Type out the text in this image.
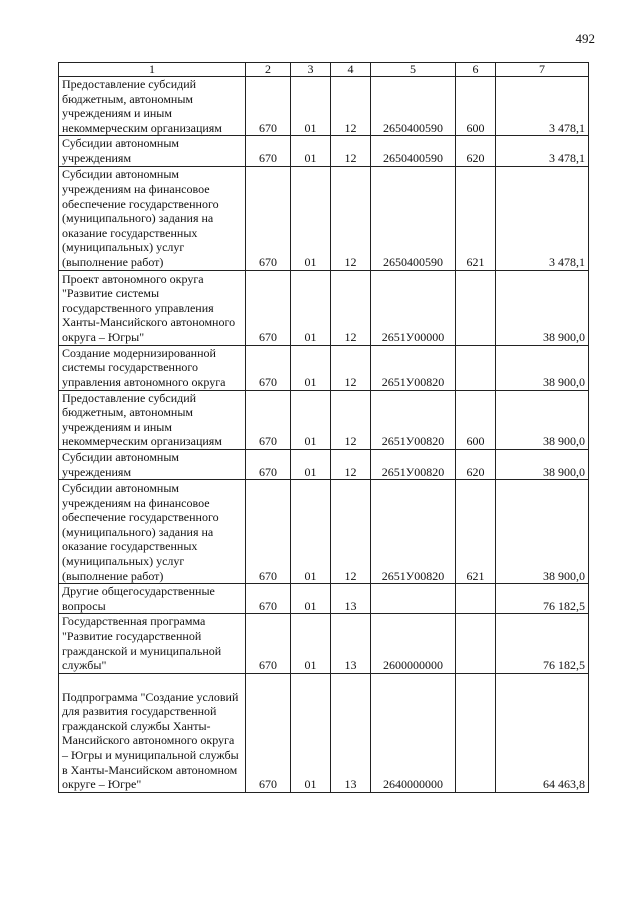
492
1	2	3	4	5	6	7
Предоставление субсидий бюджетным, автономным учреждениям и иным некоммерческим организациям	670	01	12	2650400590	600	3 478,1
Субсидии автономным учреждениям	670	01	12	2650400590	620	3 478,1
Субсидии автономным учреждениям на финансовое обеспечение государственного (муниципального) задания на оказание государственных (муниципальных) услуг (выполнение работ)	670	01	12	2650400590	621	3 478,1
Проект автономного округа "Развитие системы государственного управления Ханты-Мансийского автономного округа – Югры"	670	01	12	2651У00000		38 900,0
Создание модернизированной системы государственного управления автономного округа	670	01	12	2651У00820		38 900,0
Предоставление субсидий бюджетным, автономным учреждениям и иным некоммерческим организациям	670	01	12	2651У00820	600	38 900,0
Субсидии автономным учреждениям	670	01	12	2651У00820	620	38 900,0
Субсидии автономным учреждениям на финансовое обеспечение государственного (муниципального) задания на оказание государственных (муниципальных) услуг (выполнение работ)	670	01	12	2651У00820	621	38 900,0
Другие общегосударственные вопросы	670	01	13			76 182,5
Государственная программа "Развитие государственной гражданской и муниципальной службы"	670	01	13	2600000000		76 182,5
Подпрограмма "Создание условий для развития государственной гражданской службы Ханты-Мансийского автономного округа – Югры и муниципальной службы в Ханты-Мансийском автономном округе – Югре"	670	01	13	2640000000		64 463,8
